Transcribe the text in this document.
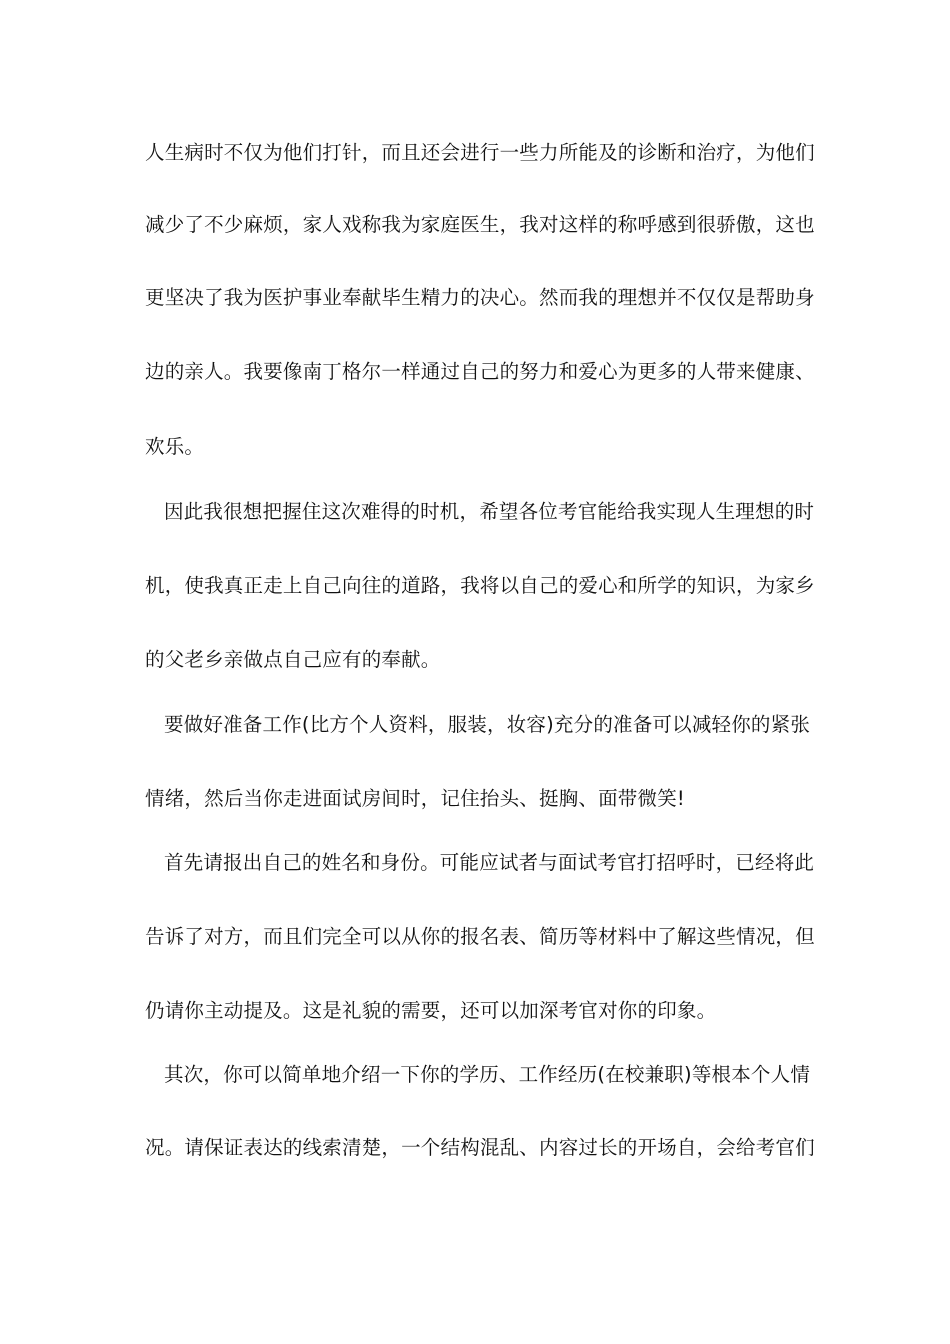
人生病时不仅为他们打针，而且还会进行一些力所能及的诊断和治疗，为他们
减少了不少麻烦，家人戏称我为家庭医生，我对这样的称呼感到很骄傲，这也
更坚决了我为医护事业奉献毕生精力的决心。然而我的理想并不仅仅是帮助身
边的亲人。我要像南丁格尔一样通过自己的努力和爱心为更多的人带来健康、
欢乐。
因此我很想把握住这次难得的时机，希望各位考官能给我实现人生理想的时
机，使我真正走上自己向往的道路，我将以自己的爱心和所学的知识，为家乡
的父老乡亲做点自己应有的奉献。
要做好准备工作(比方个人资料，服装，妆容)充分的准备可以减轻你的紧张
情绪，然后当你走进面试房间时，记住抬头、挺胸、面带微笑!
首先请报出自己的姓名和身份。可能应试者与面试考官打招呼时，已经将此
告诉了对方，而且们完全可以从你的报名表、简历等材料中了解这些情况，但
仍请你主动提及。这是礼貌的需要，还可以加深考官对你的印象。
其次，你可以简单地介绍一下你的学历、工作经历(在校兼职)等根本个人情
况。请保证表达的线索清楚，一个结构混乱、内容过长的开场自，会给考官们
